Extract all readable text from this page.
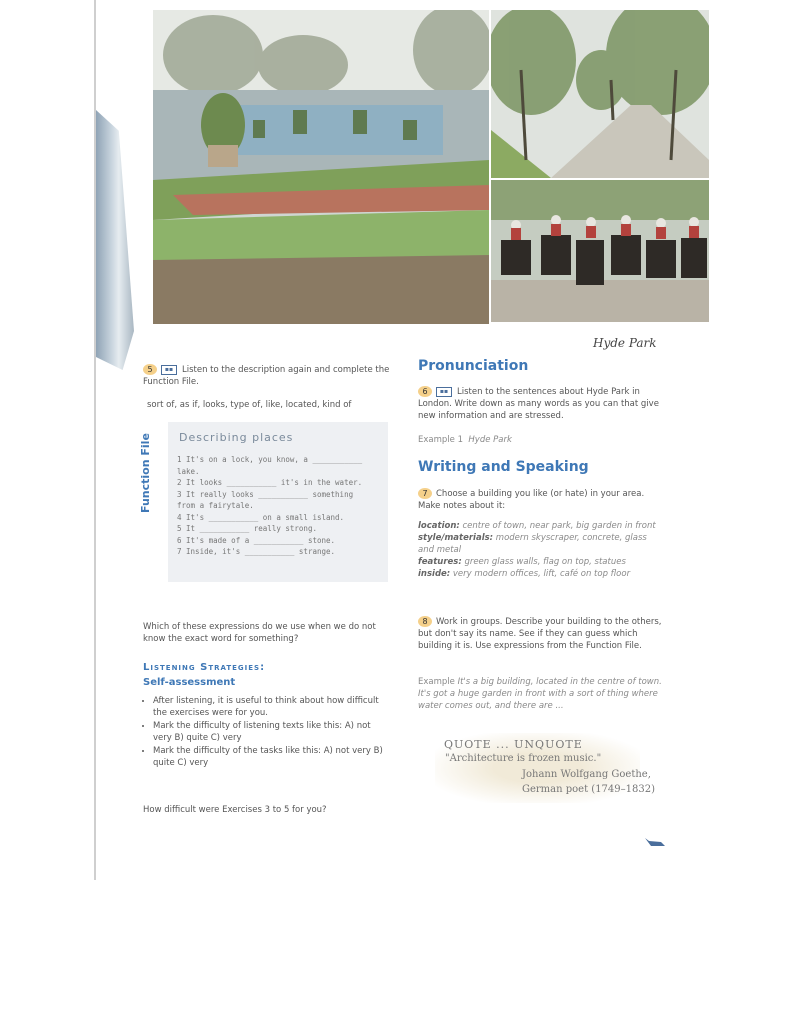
Hyde Park
5 ▪▪ Listen to the description again and complete the Function File.
sort of, as if, looks, type of, like, located, kind of
Function File Describing places
1 It's on a lock, you know, a ___________
lake.
2 It looks ___________ it's in the water.
3 It really looks ___________ something
from a fairytale.
4 It's ___________ on a small island.
5 It ___________ really strong.
6 It's made of a ___________ stone.
7 Inside, it's ___________ strange.
Which of these expressions do we use when we do not know the exact word for something?
Listening Strategies:
Self-assessment
• After listening, it is useful to think about how difficult the exercises were for you.
• Mark the difficulty of listening texts like this: A) not very B) quite C) very
• Mark the difficulty of the tasks like this: A) not very B) quite C) very
How difficult were Exercises 3 to 5 for you?
Pronunciation
6 ▪▪ Listen to the sentences about Hyde Park in London. Write down as many words as you can that give new information and are stressed.
Example 1 Hyde Park
Writing and Speaking
7 Choose a building you like (or hate) in your area. Make notes about it:
location: centre of town, near park, big garden in front
style/materials: modern skyscraper, concrete, glass and metal
features: green glass walls, flag on top, statues
inside: very modern offices, lift, café on top floor
8 Work in groups. Describe your building to the others, but don't say its name. See if they can guess which building it is. Use expressions from the Function File.
Example It's a big building, located in the centre of town. It's got a huge garden in front with a sort of thing where water comes out, and there are ...
QUOTE ... UNQUOTE
"Architecture is frozen music."
Johann Wolfgang Goethe,
German poet (1749–1832)
